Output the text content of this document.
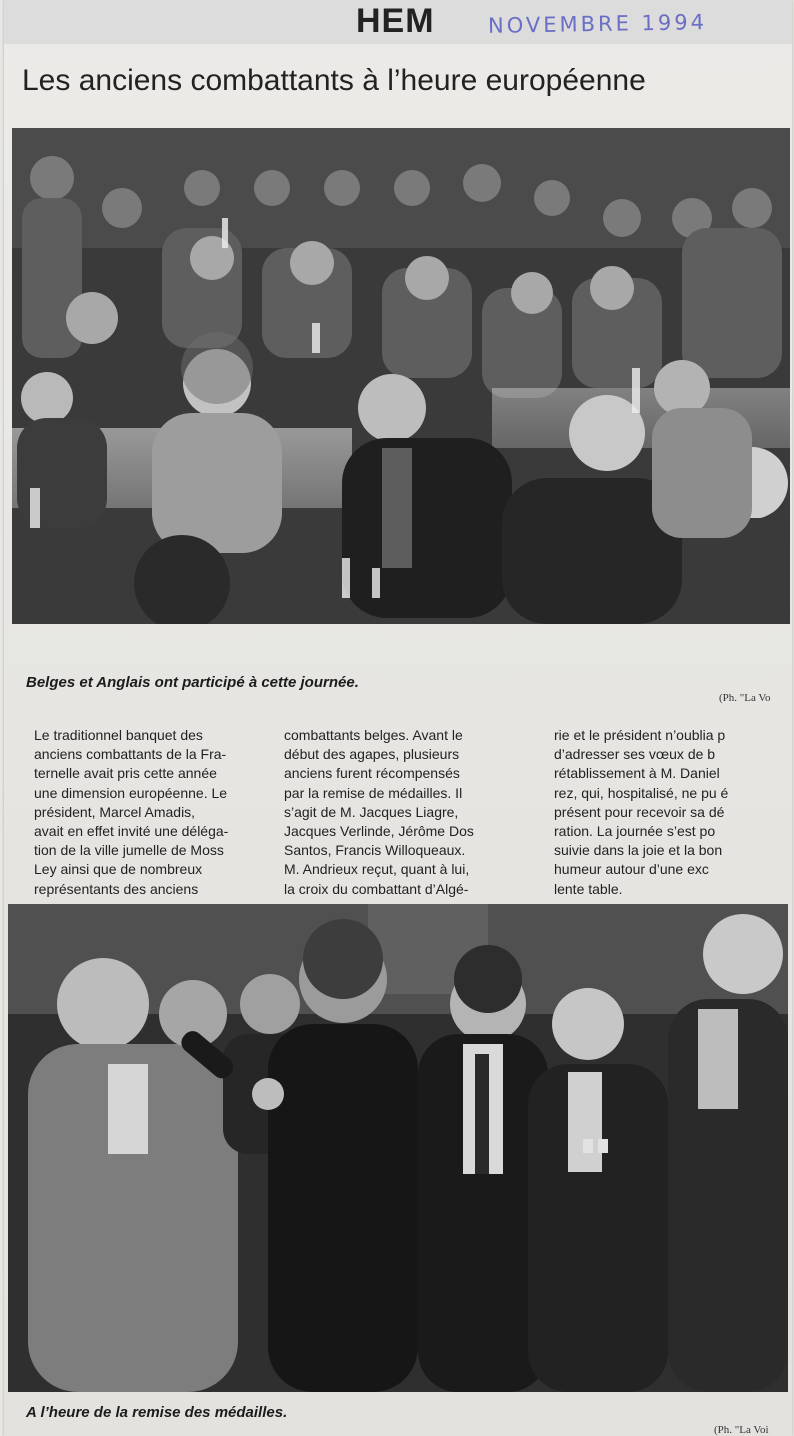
HEM	NOVEMBRE 1994
Les anciens combattants à l’heure européenne
Belges et Anglais ont participé à cette journée.
(Ph. "La Vo
Le traditionnel banquet des
anciens combattants de la Fra-
ternelle avait pris cette année
une dimension européenne. Le
président, Marcel Amadis,
avait en effet invité une déléga-
tion de la ville jumelle de Moss
Ley ainsi que de nombreux
représentants des anciens
combattants belges. Avant le
début des agapes, plusieurs
anciens furent récompensés
par la remise de médailles. Il
s’agit de M. Jacques Liagre,
Jacques Verlinde, Jérôme Dos
Santos, Francis Willoqueaux.
M. Andrieux reçut, quant à lui,
la croix du combattant d’Algé-
rie et le président n’oublia p
d’adresser ses vœux de b
rétablissement à M. Daniel
rez, qui, hospitalisé, ne pu é
présent pour recevoir sa dé
ration. La journée s’est po
suivie dans la joie et la bon
humeur autour d’une exc
lente table.
A l’heure de la remise des médailles.
(Ph. "La Voi
